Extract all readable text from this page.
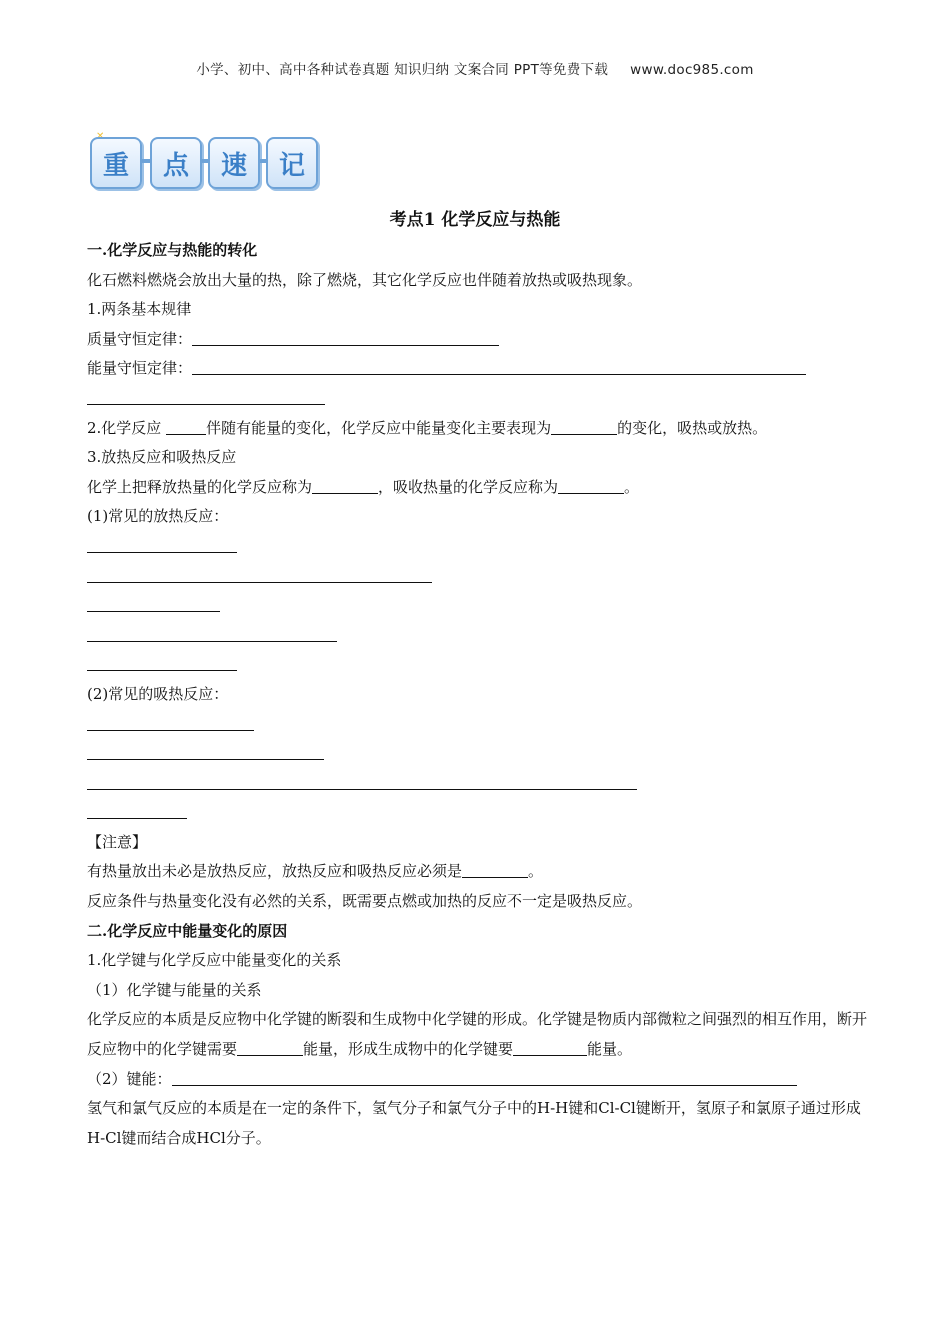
小学、初中、高中各种试卷真题 知识归纳 文案合同 PPT等免费下载 www.doc985.com
重	点	速	记
考点1 化学反应与热能
一.化学反应与热能的转化
化石燃料燃烧会放出大量的热，除了燃烧，其它化学反应也伴随着放热或吸热现象。
1.两条基本规律
质量守恒定律：
能量守恒定律：
2.化学反应	伴随有能量的变化，化学反应中能量变化主要表现为	的变化，吸热或放热。
3.放热反应和吸热反应
化学上把释放热量的化学反应称为	，吸收热量的化学反应称为	。
(1)常见的放热反应：
(2)常见的吸热反应：
【注意】
有热量放出未必是放热反应，放热反应和吸热反应必须是	。
反应条件与热量变化没有必然的关系，既需要点燃或加热的反应不一定是吸热反应。
二.化学反应中能量变化的原因
1.化学键与化学反应中能量变化的关系
（1）化学键与能量的关系
化学反应的本质是反应物中化学键的断裂和生成物中化学键的形成。化学键是物质内部微粒之间强烈的相互作用，断开反应物中的化学键需要	能量，形成生成物中的化学键要	能量。
（2）键能：
氢气和氯气反应的本质是在一定的条件下，氢气分子和氯气分子中的H-H键和Cl-Cl键断开，氢原子和氯原子通过形成H-Cl键而结合成HCl分子。
